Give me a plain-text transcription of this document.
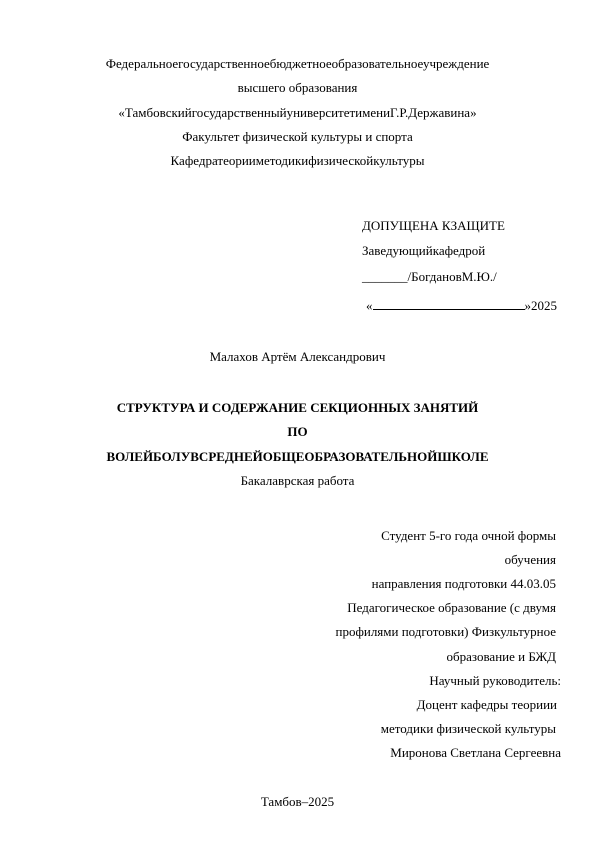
Федеральноегосударственноебюджетноеобразовательноеучреждение
высшего образования
«ТамбовскийгосударственныйуниверситетимениГ.Р.Державина»
Факультет физической культуры и спорта
Кафедратеорииметодикифизическойкультуры
ДОПУЩЕНА КЗАЩИТЕ
Заведующийкафедрой
_______/БогдановМ.Ю./
«	»2025
Малахов Артём Александрович
СТРУКТУРА И СОДЕРЖАНИЕ СЕКЦИОННЫХ ЗАНЯТИЙ
ПО
ВОЛЕЙБОЛУВСРЕДНЕЙОБЩЕОБРАЗОВАТЕЛЬНОЙШКОЛЕ
Бакалаврская работа
Студент 5-го года очной формы
обучения
направления подготовки 44.03.05
Педагогическое образование (с двумя
профилями подготовки) Физкультурное
образование и БЖД
Научный руководитель:
Доцент кафедры теориии
методики физической культуры
Миронова Светлана Сергеевна
Тамбов–2025
